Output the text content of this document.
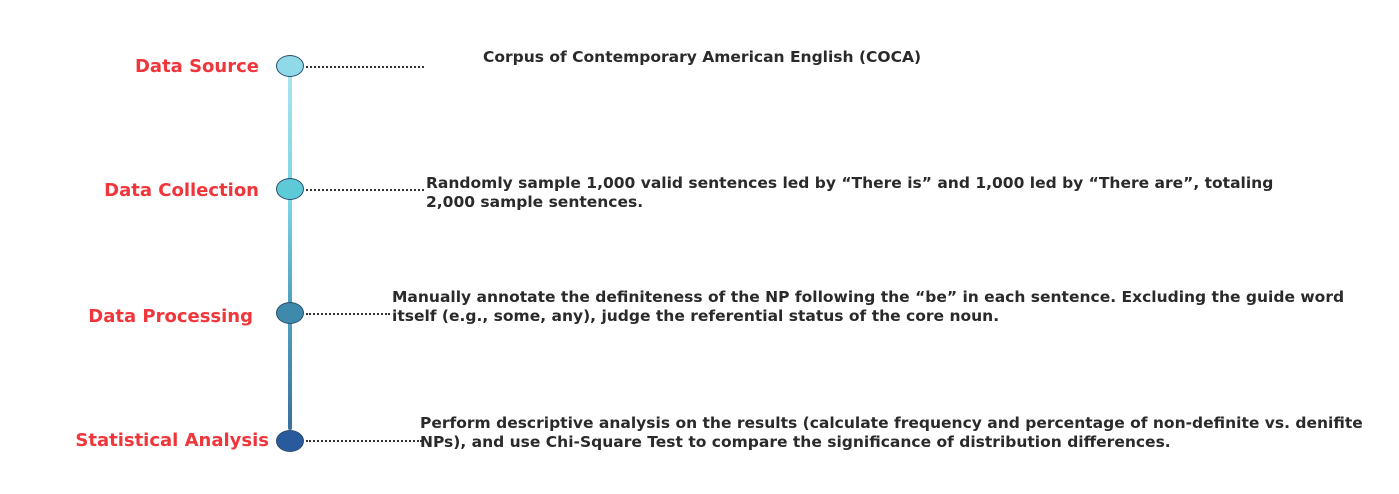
Data Source	Corpus of Contemporary American English (COCA)
Data Collection	Randomly sample 1,000 valid sentences led by “There is” and 1,000 led by “There are”, totaling 2,000 sample sentences.
Data Processing
Manually annotate the definiteness of the NP following the “be” in each sentence. Excluding the guide word itself (e.g., some, any), judge the referential status of the core noun.
Statistical Analysis
Perform descriptive analysis on the results (calculate frequency and percentage of non-definite vs. denifite NPs), and use Chi-Square Test to compare the significance of distribution differences.
